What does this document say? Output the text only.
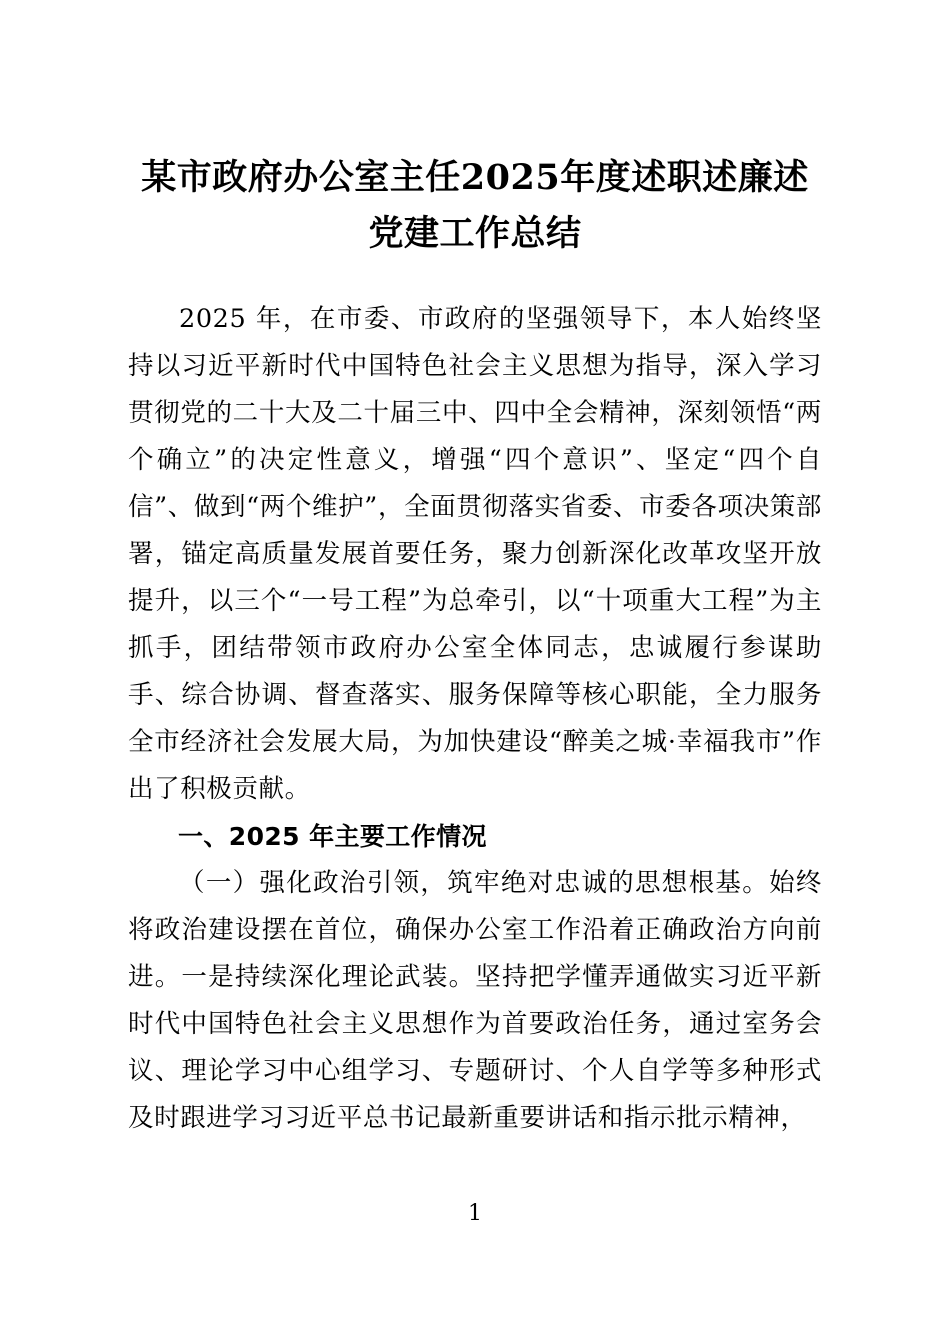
某市政府办公室主任2025年度述职述廉述党建工作总结

2025 年，在市委、市政府的坚强领导下，本人始终坚持以习近平新时代中国特色社会主义思想为指导，深入学习贯彻党的二十大及二十届三中、四中全会精神，深刻领悟“两个确立”的决定性意义，增强“四个意识”、坚定“四个自信”、做到“两个维护”，全面贯彻落实省委、市委各项决策部署，锚定高质量发展首要任务，聚力创新深化改革攻坚开放提升，以三个“一号工程”为总牵引，以“十项重大工程”为主抓手，团结带领市政府办公室全体同志，忠诚履行参谋助手、综合协调、督查落实、服务保障等核心职能，全力服务全市经济社会发展大局，为加快建设“醉美之城·幸福我市”作出了积极贡献。

一、2025 年主要工作情况

（一）强化政治引领，筑牢绝对忠诚的思想根基。始终将政治建设摆在首位，确保办公室工作沿着正确政治方向前进。一是持续深化理论武装。坚持把学懂弄通做实习近平新时代中国特色社会主义思想作为首要政治任务，通过室务会议、理论学习中心组学习、专题研讨、个人自学等多种形式及时跟进学习习近平总书记最新重要讲话和指示批示精神，

1
